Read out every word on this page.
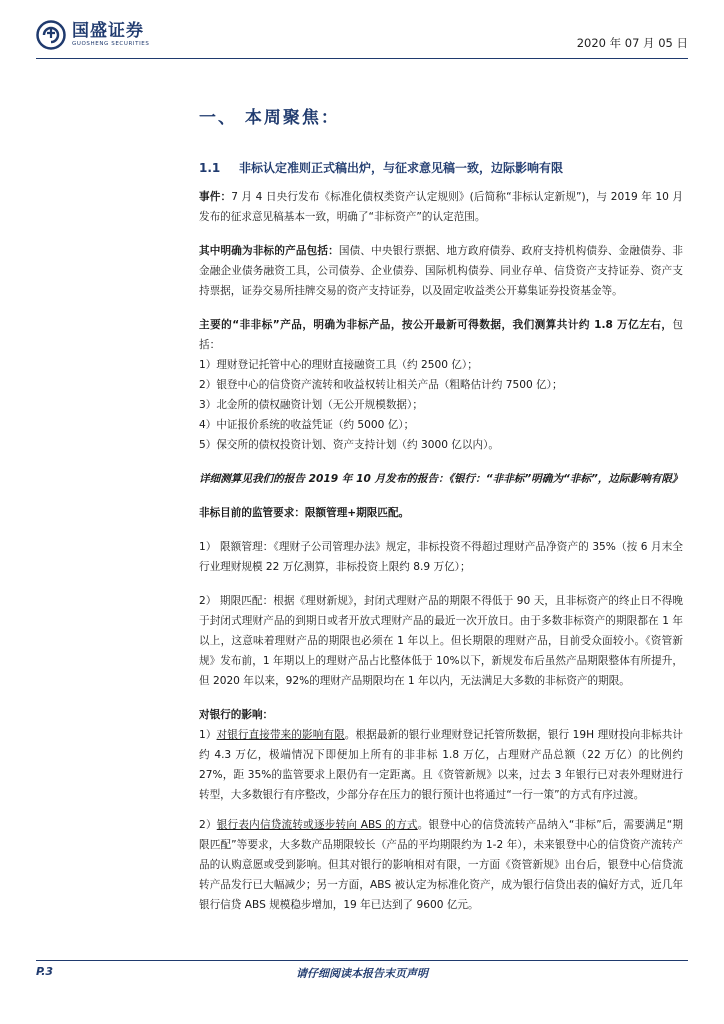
国盛证券
GUOSHENG SECURITIES	2020 年 07 月 05 日
一、 本周聚焦：
1.1 非标认定准则正式稿出炉，与征求意见稿一致，边际影响有限

事件：7 月 4 日央行发布《标准化债权类资产认定规则》(后简称“非标认定新规”)，与 2019 年 10 月发布的征求意见稿基本一致，明确了“非标资产”的认定范围。

其中明确为非标的产品包括：国债、中央银行票据、地方政府债券、政府支持机构债券、金融债券、非金融企业债务融资工具，公司债券、企业债券、国际机构债券、同业存单、信贷资产支持证券、资产支持票据，证券交易所挂牌交易的资产支持证券，以及固定收益类公开募集证券投资基金等。

主要的“非非标”产品，明确为非标产品，按公开最新可得数据，我们测算共计约 1.8 万亿左右，包括：

1）理财登记托管中心的理财直接融资工具（约 2500 亿）；

2）银登中心的信贷资产流转和收益权转让相关产品（粗略估计约 7500 亿）；

3）北金所的债权融资计划（无公开规模数据）；

4）中证报价系统的收益凭证（约 5000 亿）；

5）保交所的债权投资计划、资产支持计划（约 3000 亿以内）。

详细测算见我们的报告 2019 年 10 月发布的报告：《银行：“非非标”明确为“非标”，边际影响有限》

非标目前的监管要求：限额管理+期限匹配。

1） 限额管理：《理财子公司管理办法》规定，非标投资不得超过理财产品净资产的 35%（按 6 月末全行业理财规模 22 万亿测算，非标投资上限约 8.9 万亿）；

2） 期限匹配：根据《理财新规》，封闭式理财产品的期限不得低于 90 天，且非标资产的终止日不得晚于封闭式理财产品的到期日或者开放式理财产品的最近一次开放日。由于多数非标资产的期限都在 1 年以上，这意味着理财产品的期限也必须在 1 年以上。但长期限的理财产品，目前受众面较小。《资管新规》发布前，1 年期以上的理财产品占比整体低于 10%以下，新规发布后虽然产品期限整体有所提升，但 2020 年以来，92%的理财产品期限均在 1 年以内，无法满足大多数的非标资产的期限。

对银行的影响：

1）对银行直接带来的影响有限。根据最新的银行业理财登记托管所数据，银行 19H 理财投向非标共计约 4.3 万亿，极端情况下即便加上所有的非非标 1.8 万亿，占理财产品总额（22 万亿）的比例约 27%，距 35%的监管要求上限仍有一定距离。且《资管新规》以来，过去 3 年银行已对表外理财进行转型，大多数银行有序整改，少部分存在压力的银行预计也将通过“一行一策”的方式有序过渡。

2）银行表内信贷流转或逐步转向 ABS 的方式。银登中心的信贷流转产品纳入“非标”后，需要满足“期限匹配”等要求，大多数产品期限较长（产品的平均期限约为 1-2 年），未来银登中心的信贷资产流转产品的认购意愿或受到影响。但其对银行的影响相对有限，一方面《资管新规》出台后，银登中心信贷流转产品发行已大幅减少；另一方面，ABS 被认定为标准化资产，成为银行信贷出表的偏好方式，近几年银行信贷 ABS 规模稳步增加，19 年已达到了 9600 亿元。

P.3	请仔细阅读本报告末页声明
